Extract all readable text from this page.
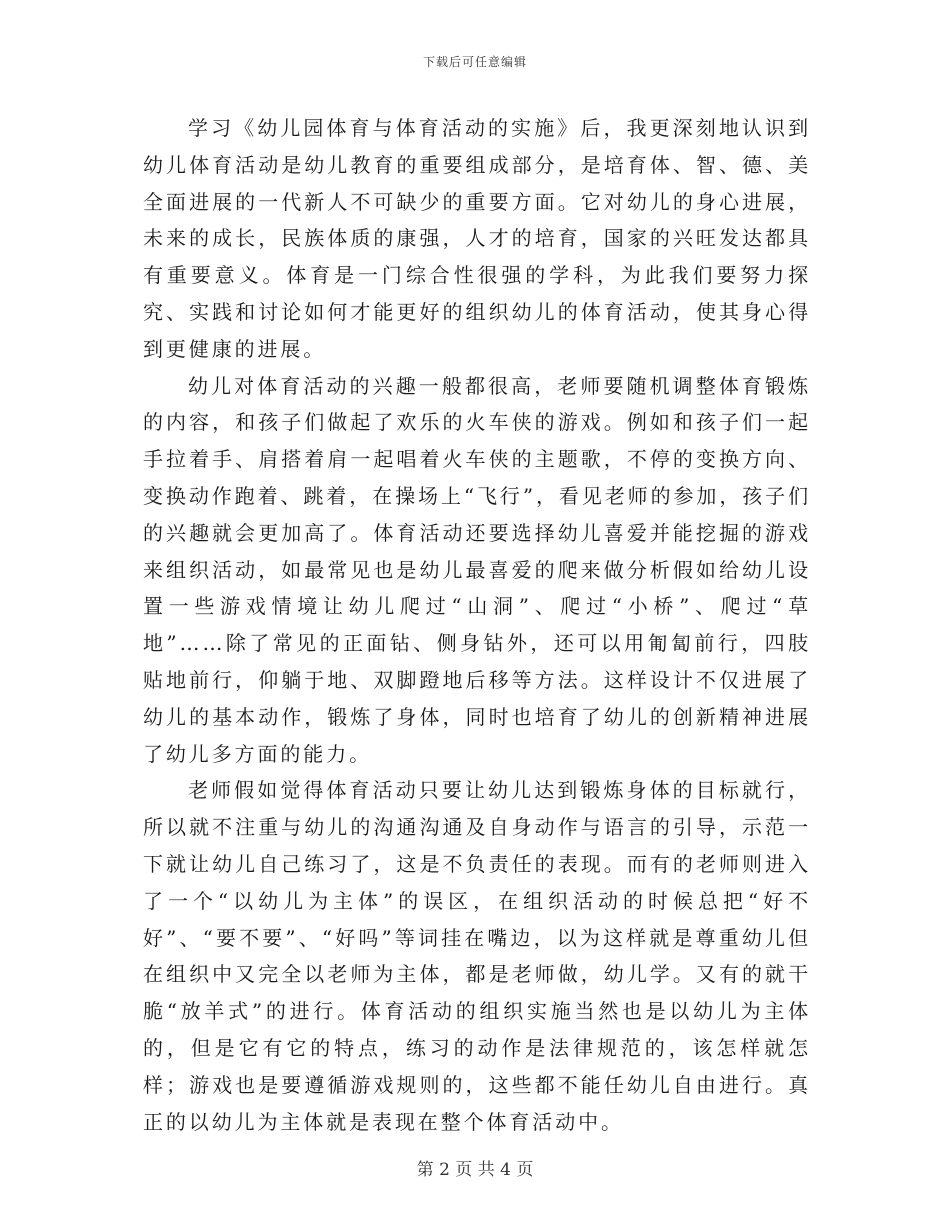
下载后可任意编辑

学习《幼儿园体育与体育活动的实施》后，我更深刻地认识到幼儿体育活动是幼儿教育的重要组成部分，是培育体、智、德、美全面进展的一代新人不可缺少的重要方面。它对幼儿的身心进展，未来的成长，民族体质的康强，人才的培育，国家的兴旺发达都具有重要意义。体育是一门综合性很强的学科，为此我们要努力探究、实践和讨论如何才能更好的组织幼儿的体育活动，使其身心得到更健康的进展。

幼儿对体育活动的兴趣一般都很高，老师要随机调整体育锻炼的内容，和孩子们做起了欢乐的火车侠的游戏。例如和孩子们一起手拉着手、肩搭着肩一起唱着火车侠的主题歌，不停的变换方向、变换动作跑着、跳着，在操场上“飞行”，看见老师的参加，孩子们的兴趣就会更加高了。体育活动还要选择幼儿喜爱并能挖掘的游戏来组织活动，如最常见也是幼儿最喜爱的爬来做分析假如给幼儿设置一些游戏情境让幼儿爬过“山洞”、爬过“小桥”、爬过“草地”……除了常见的正面钻、侧身钻外，还可以用匍匐前行，四肢贴地前行，仰躺于地、双脚蹬地后移等方法。这样设计不仅进展了幼儿的基本动作，锻炼了身体，同时也培育了幼儿的创新精神进展了幼儿多方面的能力。

老师假如觉得体育活动只要让幼儿达到锻炼身体的目标就行，所以就不注重与幼儿的沟通沟通及自身动作与语言的引导，示范一下就让幼儿自己练习了，这是不负责任的表现。而有的老师则进入了一个“以幼儿为主体”的误区，在组织活动的时候总把“好不好”、“要不要”、“好吗”等词挂在嘴边，以为这样就是尊重幼儿但在组织中又完全以老师为主体，都是老师做，幼儿学。又有的就干脆“放羊式”的进行。体育活动的组织实施当然也是以幼儿为主体的，但是它有它的特点，练习的动作是法律规范的，该怎样就怎样；游戏也是要遵循游戏规则的，这些都不能任幼儿自由进行。真正的以幼儿为主体就是表现在整个体育活动中。

第 2 页 共 4 页
